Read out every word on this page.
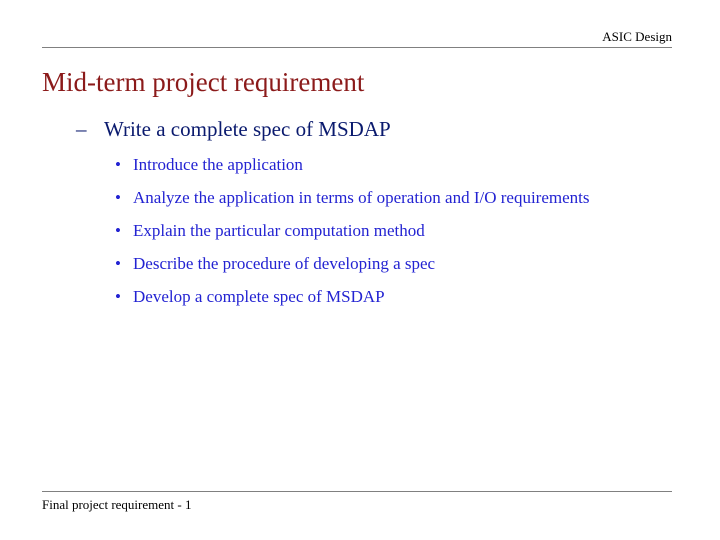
ASIC Design
Mid-term project requirement
– Write a complete spec of MSDAP
• Introduce the application
• Analyze the application in terms of operation and I/O requirements
• Explain the particular computation method
• Describe the procedure of developing a spec
• Develop a complete spec of MSDAP
Final project requirement - 1
